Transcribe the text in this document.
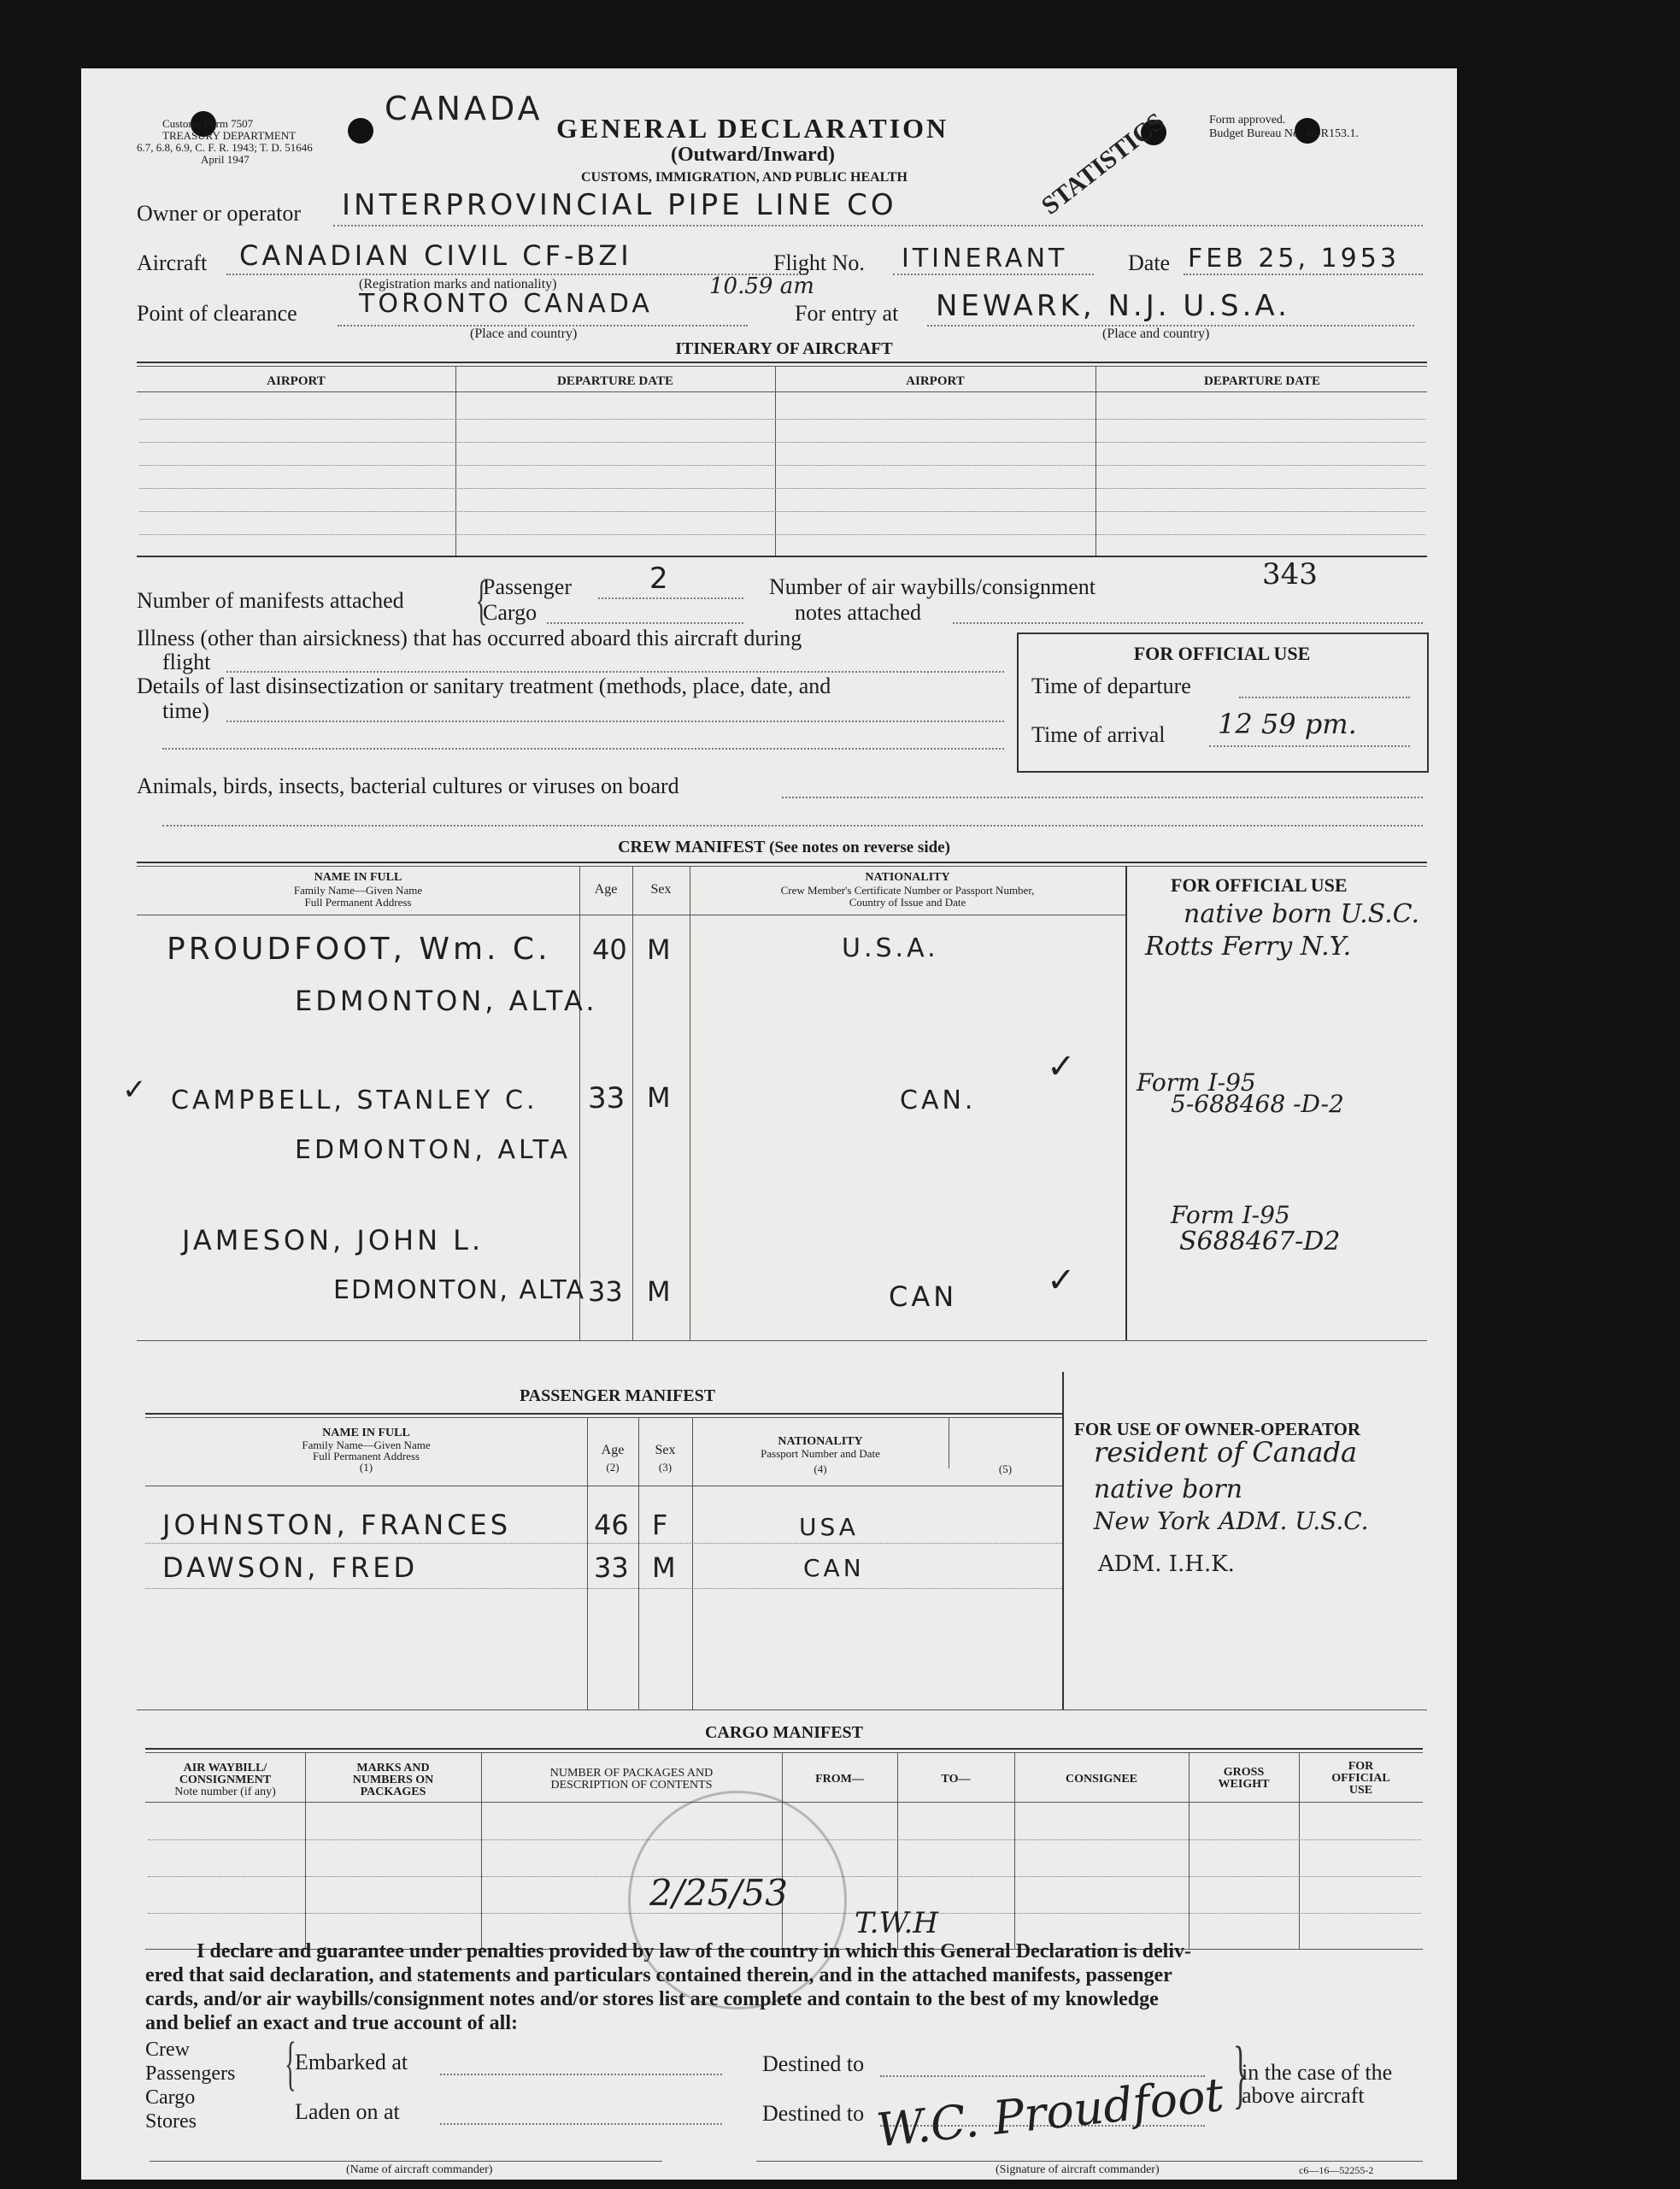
Customs Form 7507
TREASURY DEPARTMENT
6.7, 6.8, 6.9, C. F. R. 1943; T. D. 51646
April 1947
CANADA
GENERAL DECLARATION
(Outward/Inward)
CUSTOMS, IMMIGRATION, AND PUBLIC HEALTH
Form approved.
Budget Bureau No. 48-R153.1.
STATISTICS
Owner or operator INTERPROVINCIAL PIPE LINE CO
Aircraft CANADIAN CIVIL CF-BZI
(Registration marks and nationality)
Flight No. ITINERANT	Date FEB 25, 1953
Point of clearance TORONTO CANADA
10.59 am
(Place and country)
For entry at NEWARK, N.J. U.S.A.
(Place and country)
ITINERARY OF AIRCRAFT
AIRPORT	DEPARTURE DATE	AIRPORT	DEPARTURE DATE
Number of manifests attached {
Passenger	2
Cargo
Number of air waybills/consignment
notes attached
343
Illness (other than airsickness) that has occurred aboard this aircraft during
flight
Details of last disinsectization or sanitary treatment (methods, place, date, and
time)
Animals, birds, insects, bacterial cultures or viruses on board
FOR OFFICIAL USE
Time of departure
Time of arrival 12 59 pm.
CREW MANIFEST (See notes on reverse side)
NAME IN FULL
Family Name—Given Name
Full Permanent Address
Age	Sex
NATIONALITY
Crew Member's Certificate Number or Passport Number,
Country of Issue and Date
FOR OFFICIAL USE
PROUDFOOT, Wm. C.
EDMONTON, ALTA.
40 M	U.S.A.
native born U.S.C.
Rotts Ferry N.Y.
✓
✓
CAMPBELL, STANLEY C.
EDMONTON, ALTA
33 M	CAN.
Form I-95
5-688468 -D-2
JAMESON, JOHN L.
EDMONTON, ALTA 33 M	CAN	✓
Form I-95
S688467-D2
PASSENGER MANIFEST
NAME IN FULL
Family Name—Given Name
Full Permanent Address
(1)
Age
(2)
Sex
(3)
NATIONALITY
Passport Number and Date
(4)	(5)
FOR USE OF OWNER-OPERATOR
resident of Canada
native born
New York ADM. U.S.C.
ADM. I.H.K.
JOHNSTON, FRANCES	46 F	USA
DAWSON, FRED	33 M	CAN
CARGO MANIFEST
AIR WAYBILL/
CONSIGNMENT
Note number (if any)
MARKS AND
NUMBERS ON
PACKAGES
NUMBER OF PACKAGES AND
DESCRIPTION OF CONTENTS	FROM—	TO—	CONSIGNEE
GROSS
WEIGHT
FOR
OFFICIAL
USE
2/25/53
T.W.H
I declare and guarantee under penalties provided by law of the country in which this General Declaration is deliv-
ered that said declaration, and statements and particulars contained therein, and in the attached manifests, passenger
cards, and/or air waybills/consignment notes and/or stores list are complete and contain to the best of my knowledge
and belief an exact and true account of all:
Crew
Passengers
Cargo
Stores
{
Embarked at
Laden on at
Destined to
Destined to	}
in the case of the
above aircraft
W.C. Proudfoot
(Name of aircraft commander)	(Signature of aircraft commander)	c6—16—52255-2
